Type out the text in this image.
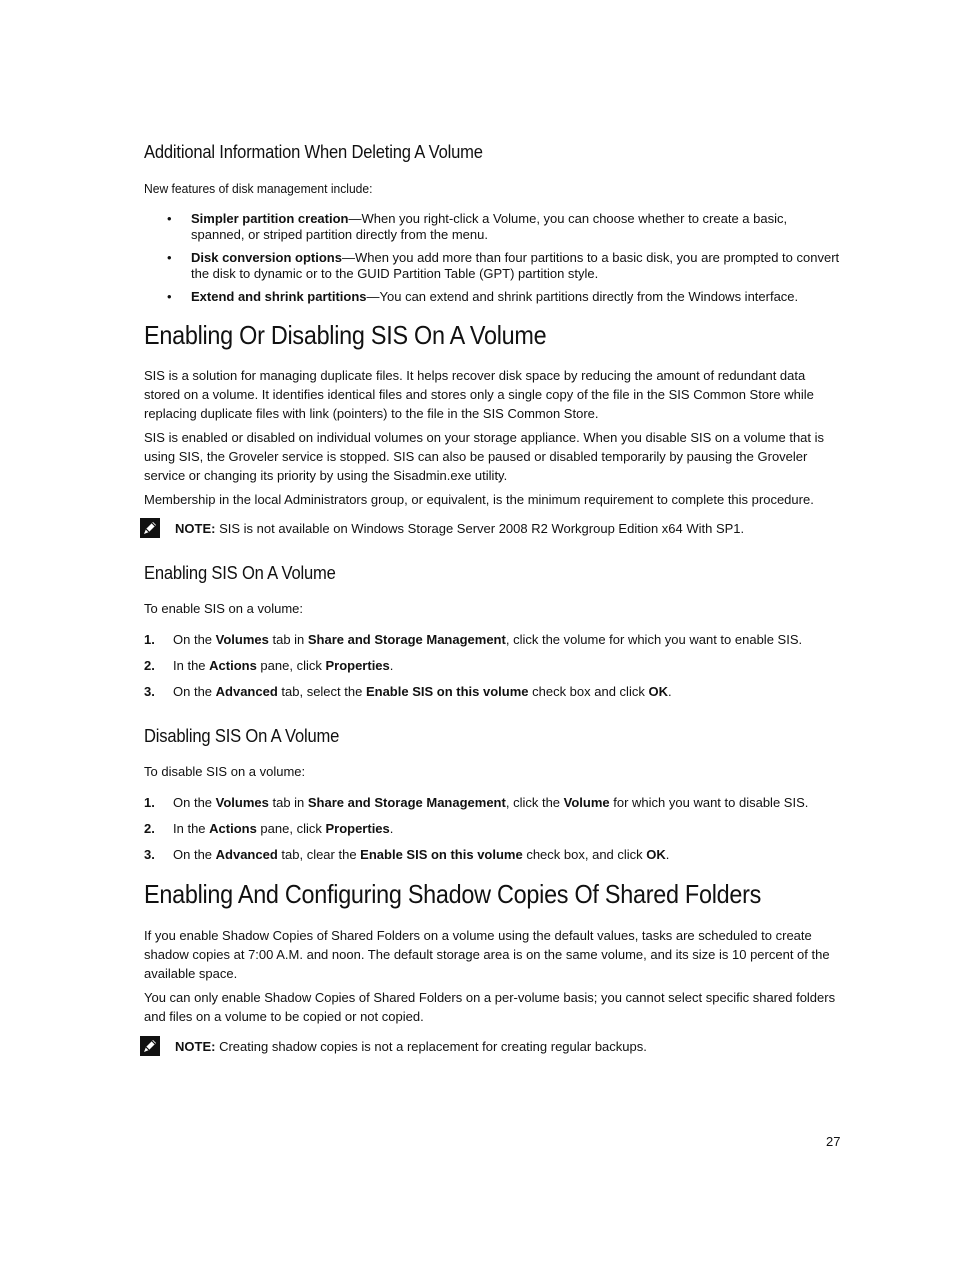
Additional Information When Deleting A Volume

New features of disk management include:

• Simpler partition creation—When you right-click a Volume, you can choose whether to create a basic, spanned, or striped partition directly from the menu.
• Disk conversion options—When you add more than four partitions to a basic disk, you are prompted to convert the disk to dynamic or to the GUID Partition Table (GPT) partition style.
• Extend and shrink partitions—You can extend and shrink partitions directly from the Windows interface.
Enabling Or Disabling SIS On A Volume

SIS is a solution for managing duplicate files. It helps recover disk space by reducing the amount of redundant data stored on a volume. It identifies identical files and stores only a single copy of the file in the SIS Common Store while replacing duplicate files with link (pointers) to the file in the SIS Common Store.

SIS is enabled or disabled on individual volumes on your storage appliance. When you disable SIS on a volume that is using SIS, the Groveler service is stopped. SIS can also be paused or disabled temporarily by pausing the Groveler service or changing its priority by using the Sisadmin.exe utility.

Membership in the local Administrators group, or equivalent, is the minimum requirement to complete this procedure.

NOTE: SIS is not available on Windows Storage Server 2008 R2 Workgroup Edition x64 With SP1.
Enabling SIS On A Volume

To enable SIS on a volume:

1. On the Volumes tab in Share and Storage Management, click the volume for which you want to enable SIS.
2. In the Actions pane, click Properties.
3. On the Advanced tab, select the Enable SIS on this volume check box and click OK.
Disabling SIS On A Volume

To disable SIS on a volume:

1. On the Volumes tab in Share and Storage Management, click the Volume for which you want to disable SIS.
2. In the Actions pane, click Properties.
3. On the Advanced tab, clear the Enable SIS on this volume check box, and click OK.
Enabling And Configuring Shadow Copies Of Shared Folders

If you enable Shadow Copies of Shared Folders on a volume using the default values, tasks are scheduled to create shadow copies at 7:00 A.M. and noon. The default storage area is on the same volume, and its size is 10 percent of the available space.

You can only enable Shadow Copies of Shared Folders on a per-volume basis; you cannot select specific shared folders and files on a volume to be copied or not copied.

NOTE: Creating shadow copies is not a replacement for creating regular backups.
27
